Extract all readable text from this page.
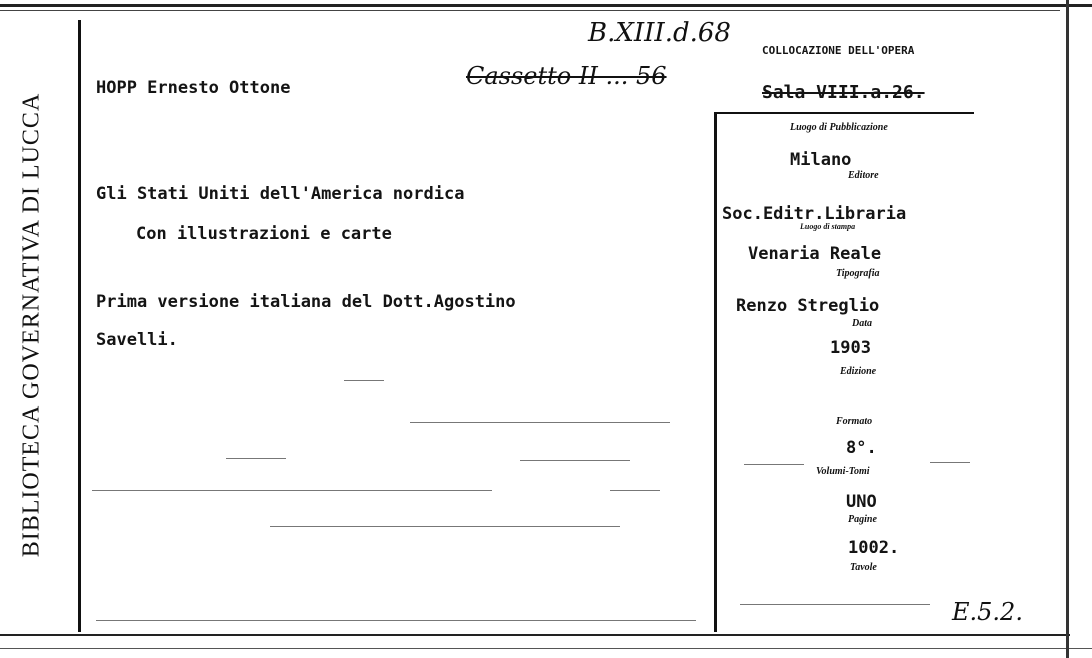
BIBLIOTECA GOVERNATIVA DI LUCCA
B.XIII.d.68
Cassetto II ... 56
COLLOCAZIONE DELL'OPERA
Sala VIII.a.26.
HOPP Ernesto Ottone
Gli Stati Uniti dell'America nordica
Con illustrazioni e carte
Prima versione italiana del Dott.Agostino
Savelli.
Luogo di Pubblicazione
Milano
Editore
Soc.Editr.Libraria
Luogo di stampa
Venaria Reale
Tipografia
Renzo Streglio
Data
1903
Edizione
Formato
8°.
Volumi-Tomi
UNO
Pagine
1002.
Tavole
E.5.2.
